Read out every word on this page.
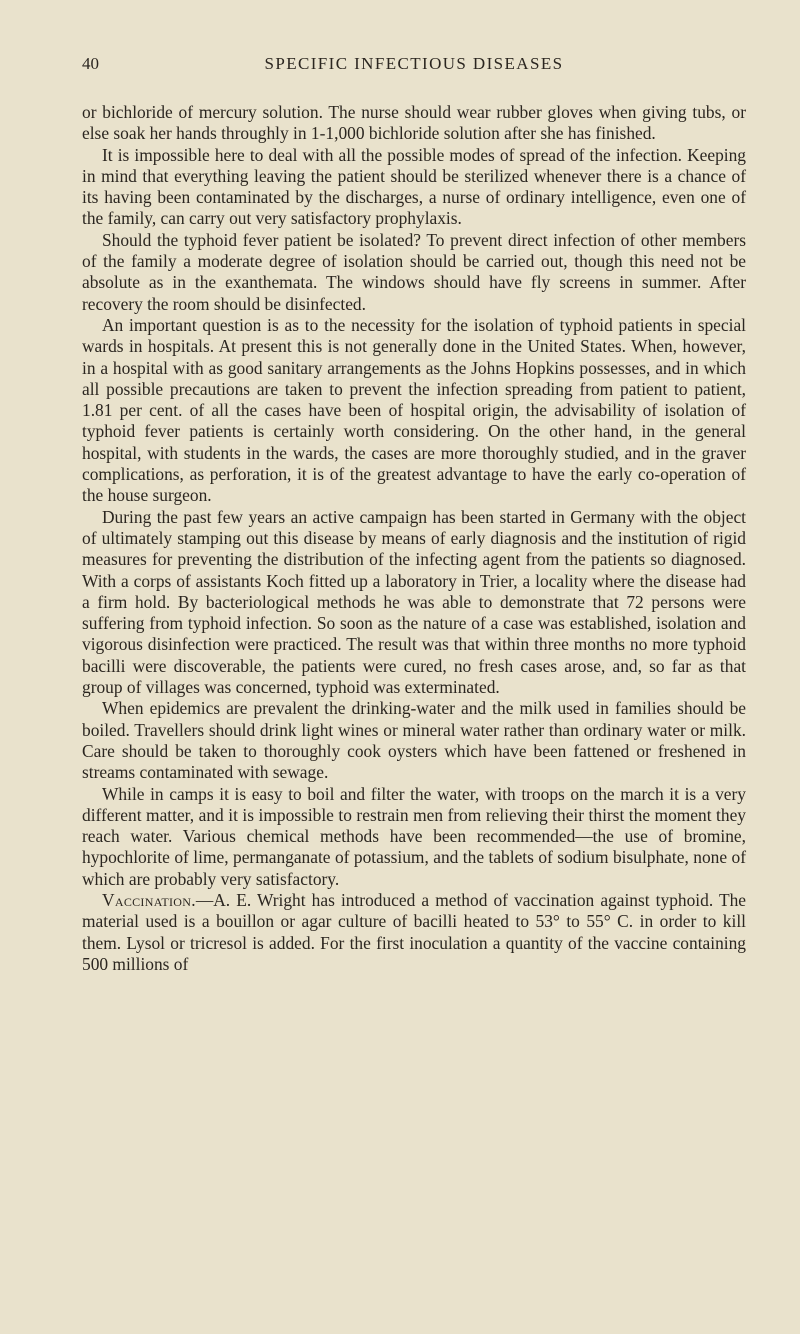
40	SPECIFIC INFECTIOUS DISEASES

or bichloride of mercury solution. The nurse should wear rubber gloves when giving tubs, or else soak her hands throughly in 1-1,000 bichloride solution after she has finished.

It is impossible here to deal with all the possible modes of spread of the infection. Keeping in mind that everything leaving the patient should be sterilized whenever there is a chance of its having been contaminated by the discharges, a nurse of ordinary intelligence, even one of the family, can carry out very satisfactory prophylaxis.

Should the typhoid fever patient be isolated? To prevent direct infection of other members of the family a moderate degree of isolation should be carried out, though this need not be absolute as in the exanthemata. The windows should have fly screens in summer. After recovery the room should be disinfected.

An important question is as to the necessity for the isolation of typhoid patients in special wards in hospitals. At present this is not generally done in the United States. When, however, in a hospital with as good sanitary arrangements as the Johns Hopkins possesses, and in which all possible precautions are taken to prevent the infection spreading from patient to patient, 1.81 per cent. of all the cases have been of hospital origin, the advisability of isolation of typhoid fever patients is certainly worth considering. On the other hand, in the general hospital, with students in the wards, the cases are more thoroughly studied, and in the graver complications, as perforation, it is of the greatest advantage to have the early co-operation of the house surgeon.

During the past few years an active campaign has been started in Germany with the object of ultimately stamping out this disease by means of early diagnosis and the institution of rigid measures for preventing the distribution of the infecting agent from the patients so diagnosed. With a corps of assistants Koch fitted up a laboratory in Trier, a locality where the disease had a firm hold. By bacteriological methods he was able to demonstrate that 72 persons were suffering from typhoid infection. So soon as the nature of a case was established, isolation and vigorous disinfection were practiced. The result was that within three months no more typhoid bacilli were discoverable, the patients were cured, no fresh cases arose, and, so far as that group of villages was concerned, typhoid was exterminated.

When epidemics are prevalent the drinking-water and the milk used in families should be boiled. Travellers should drink light wines or mineral water rather than ordinary water or milk. Care should be taken to thoroughly cook oysters which have been fattened or freshened in streams contaminated with sewage.

While in camps it is easy to boil and filter the water, with troops on the march it is a very different matter, and it is impossible to restrain men from relieving their thirst the moment they reach water. Various chemical methods have been recommended—the use of bromine, hypochlorite of lime, permanganate of potassium, and the tablets of sodium bisulphate, none of which are probably very satisfactory.

Vaccination.—A. E. Wright has introduced a method of vaccination against typhoid. The material used is a bouillon or agar culture of bacilli heated to 53° to 55° C. in order to kill them. Lysol or tricresol is added. For the first inoculation a quantity of the vaccine containing 500 millions of
